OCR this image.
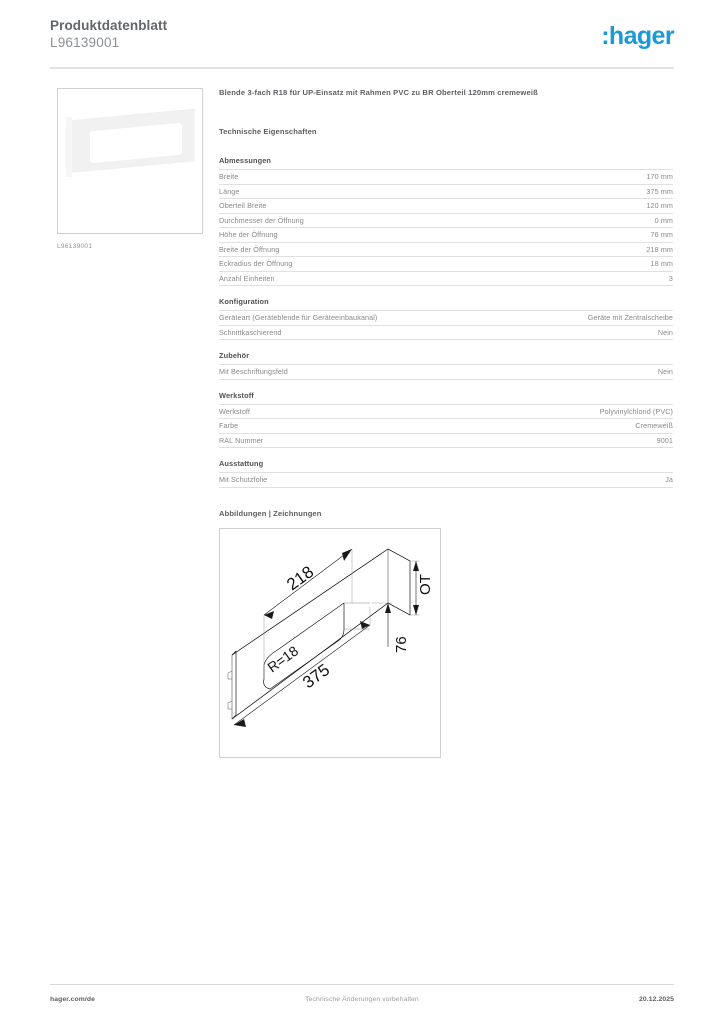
Produktdatenblatt
L96139001	:hager
L96139001
Blende 3-fach R18 für UP-Einsatz mit Rahmen PVC zu BR Oberteil 120mm cremeweiß
Technische Eigenschaften
Abmessungen
Breite	170 mm
Länge	375 mm
Oberteil Breite	120 mm
Durchmesser der Öffnung	0 mm
Höhe der Öffnung	76 mm
Breite der Öffnung	218 mm
Eckradius der Öffnung	18 mm
Anzahl Einheiten	3
Konfiguration
Geräteart (Geräteblende für Geräteeinbaukanal)	Geräte mit Zentralscheibe
Schnittkaschierend	Nein
Zubehör
Mit Beschriftungsfeld	Nein
Werkstoff
Werkstoff	Polyvinylchlorid (PVC)
Farbe	Cremeweiß
RAL Nummer	9001
Ausstattung
Mit Schutzfolie	Ja
Abbildungen | Zeichnungen
218
R=18
375
OT
76
hager.com/de	Technische Änderungen vorbehalten	20.12.2025
